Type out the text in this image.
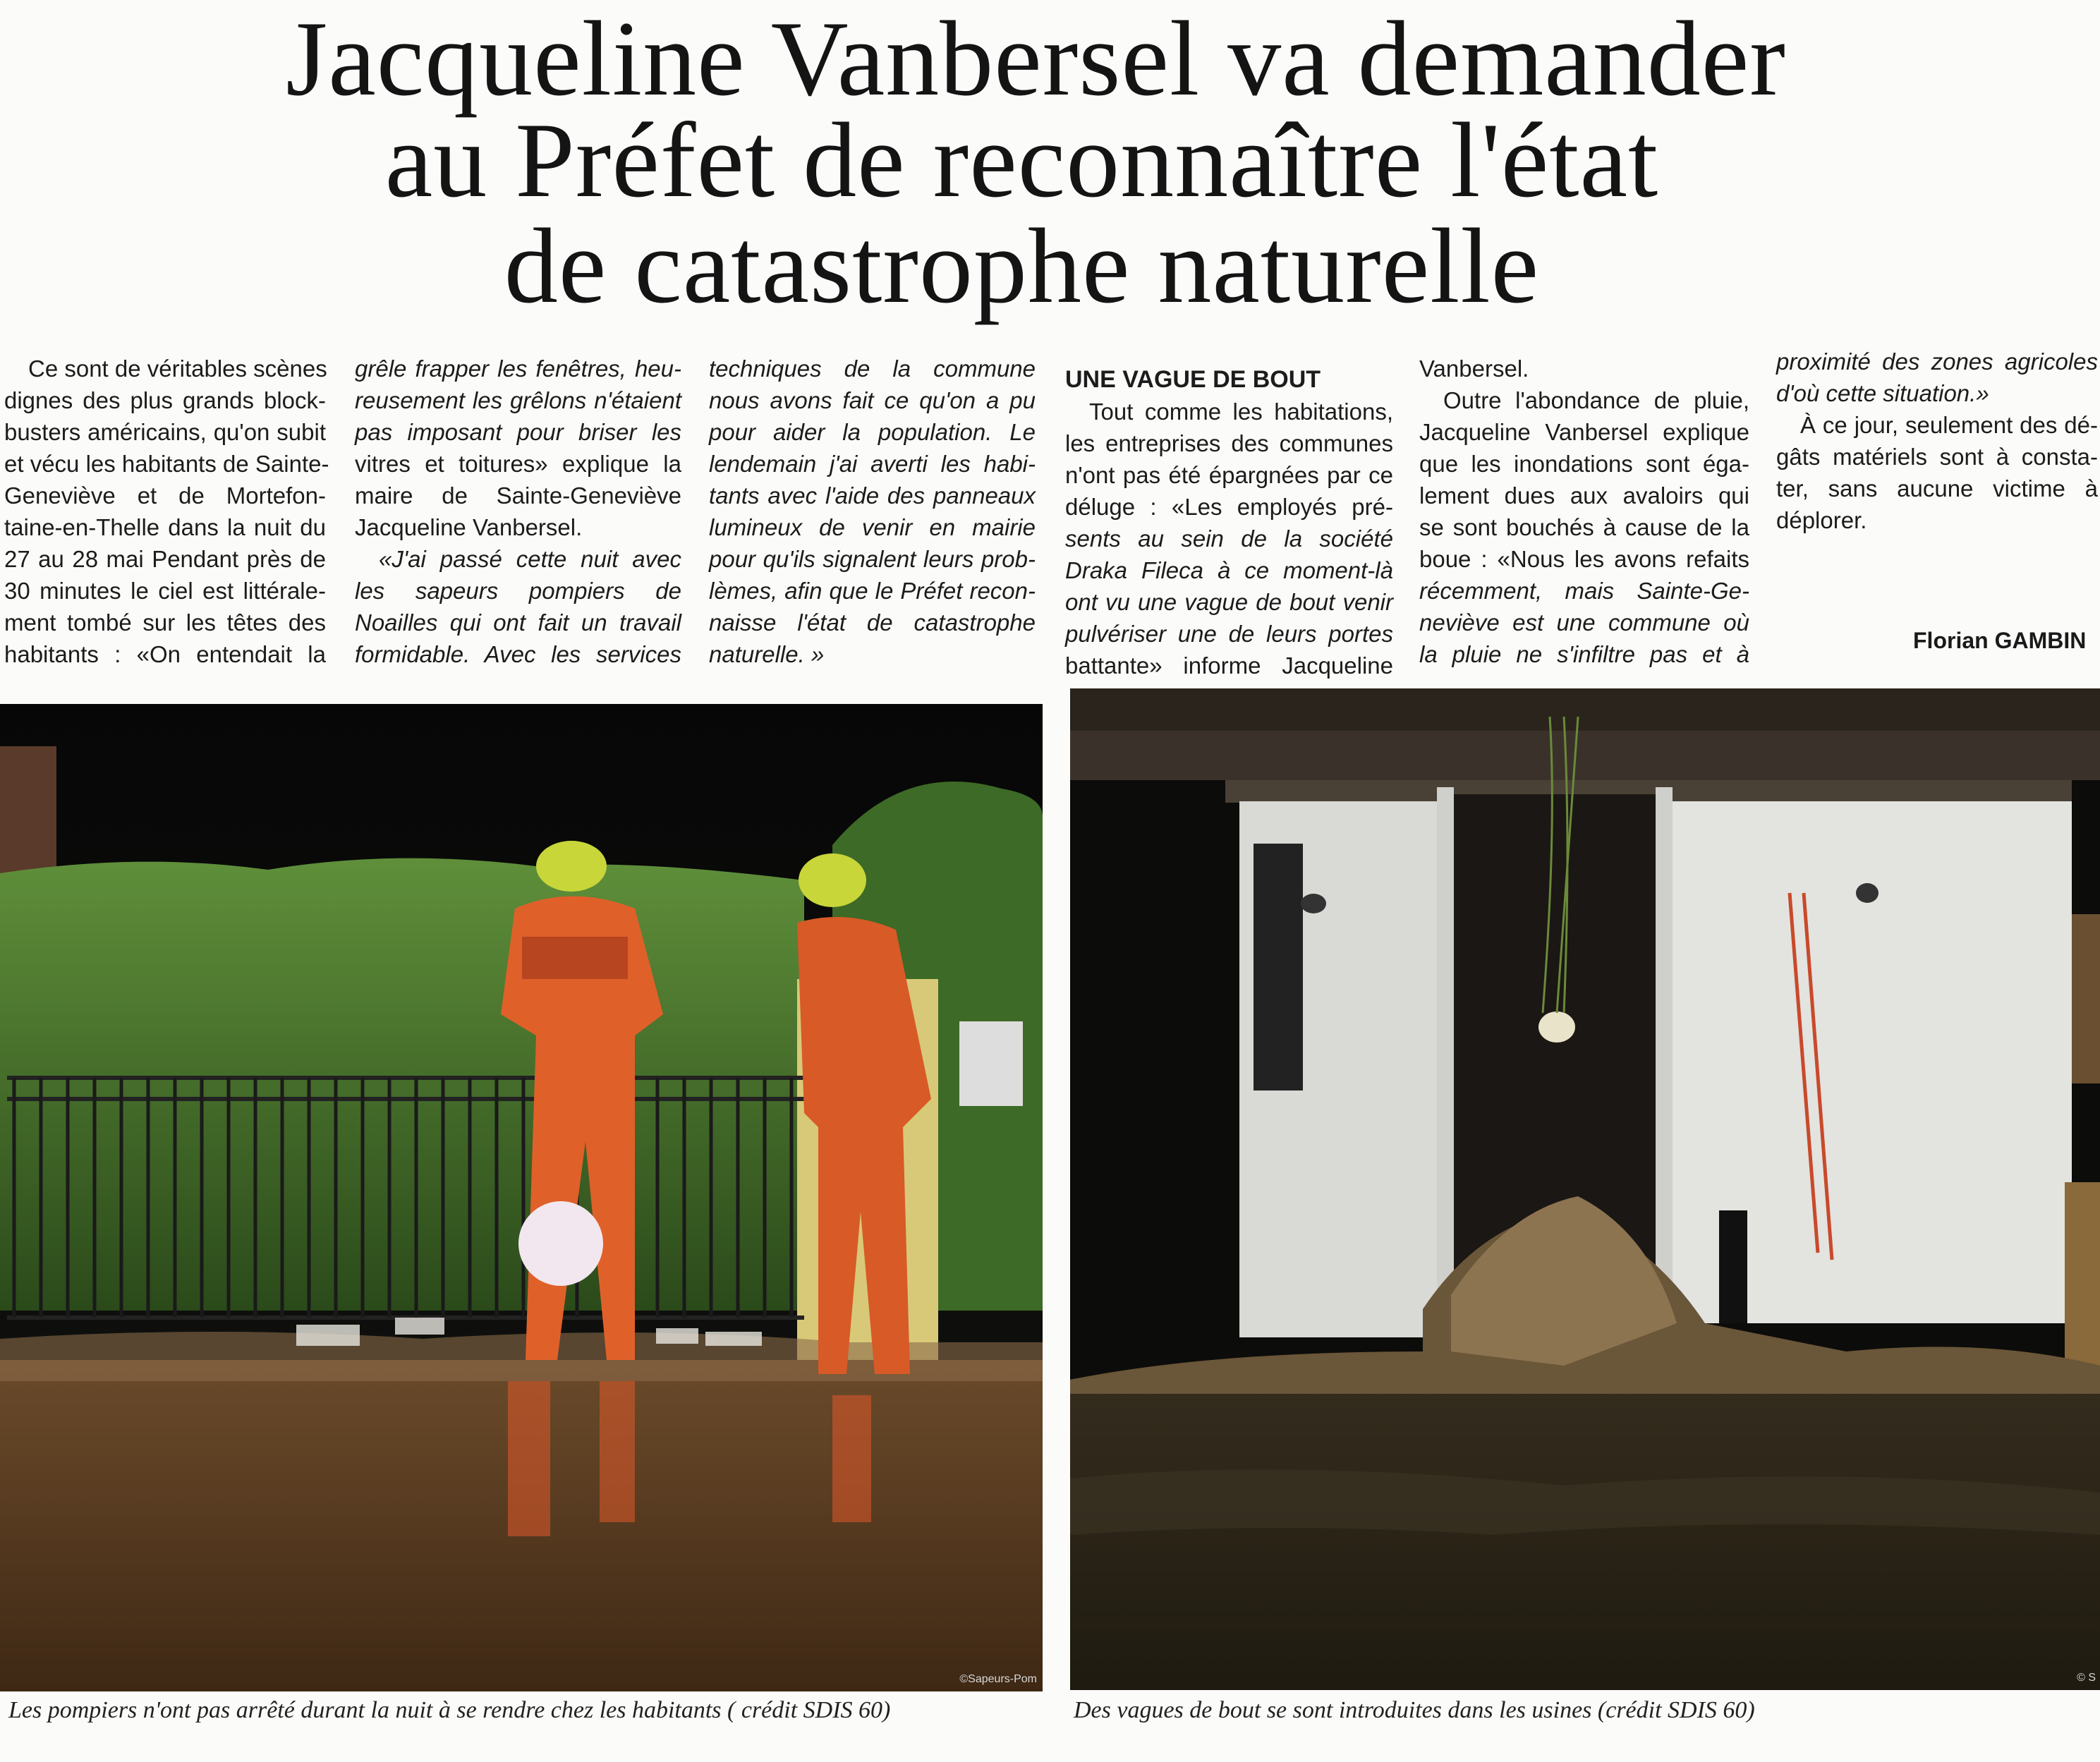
Jacqueline Vanbersel va demander
au Préfet de reconnaître l'état
de catastrophe naturelle
Ce sont de véritables scènes
dignes des plus grands block-
busters américains, qu'on subit
et vécu les habitants de Sainte-
Geneviève et de Mortefon-
taine-en-Thelle dans la nuit du
27 au 28 mai Pendant près de
30 minutes le ciel est littérale-
ment tombé sur les têtes des
habitants : «On entendait la
grêle frapper les fenêtres, heu-
reusement les grêlons n'étaient
pas imposant pour briser les
vitres et toitures» explique la
maire de Sainte-Geneviève
Jacqueline Vanbersel.
«J'ai passé cette nuit avec
les sapeurs pompiers de
Noailles qui ont fait un travail
formidable. Avec les services
techniques de la commune
nous avons fait ce qu'on a pu
pour aider la population. Le
lendemain j'ai averti les habi-
tants avec l'aide des panneaux
lumineux de venir en mairie
pour qu'ils signalent leurs prob-
lèmes, afin que le Préfet recon-
naisse l'état de catastrophe
naturelle. »
UNE VAGUE DE BOUT
Tout comme les habitations,
les entreprises des communes
n'ont pas été épargnées par ce
déluge : «Les employés pré-
sents au sein de la société
Draka Fileca à ce moment-là
ont vu une vague de bout venir
pulvériser une de leurs portes
battante» informe Jacqueline
Vanbersel.
Outre l'abondance de pluie,
Jacqueline Vanbersel explique
que les inondations sont éga-
lement dues aux avaloirs qui
se sont bouchés à cause de la
boue : «Nous les avons refaits
récemment, mais Sainte-Ge-
neviève est une commune où
la pluie ne s'infiltre pas et à
proximité des zones agricoles
d'où cette situation.»
À ce jour, seulement des dé-
gâts matériels sont à consta-
ter, sans aucune victime à
déplorer.
Florian GAMBIN
©Sapeurs-Pom	© S
Les pompiers n'ont pas arrêté durant la nuit à se rendre chez les habitants ( crédit SDIS 60)	Des vagues de bout se sont introduites dans les usines (crédit SDIS 60)
